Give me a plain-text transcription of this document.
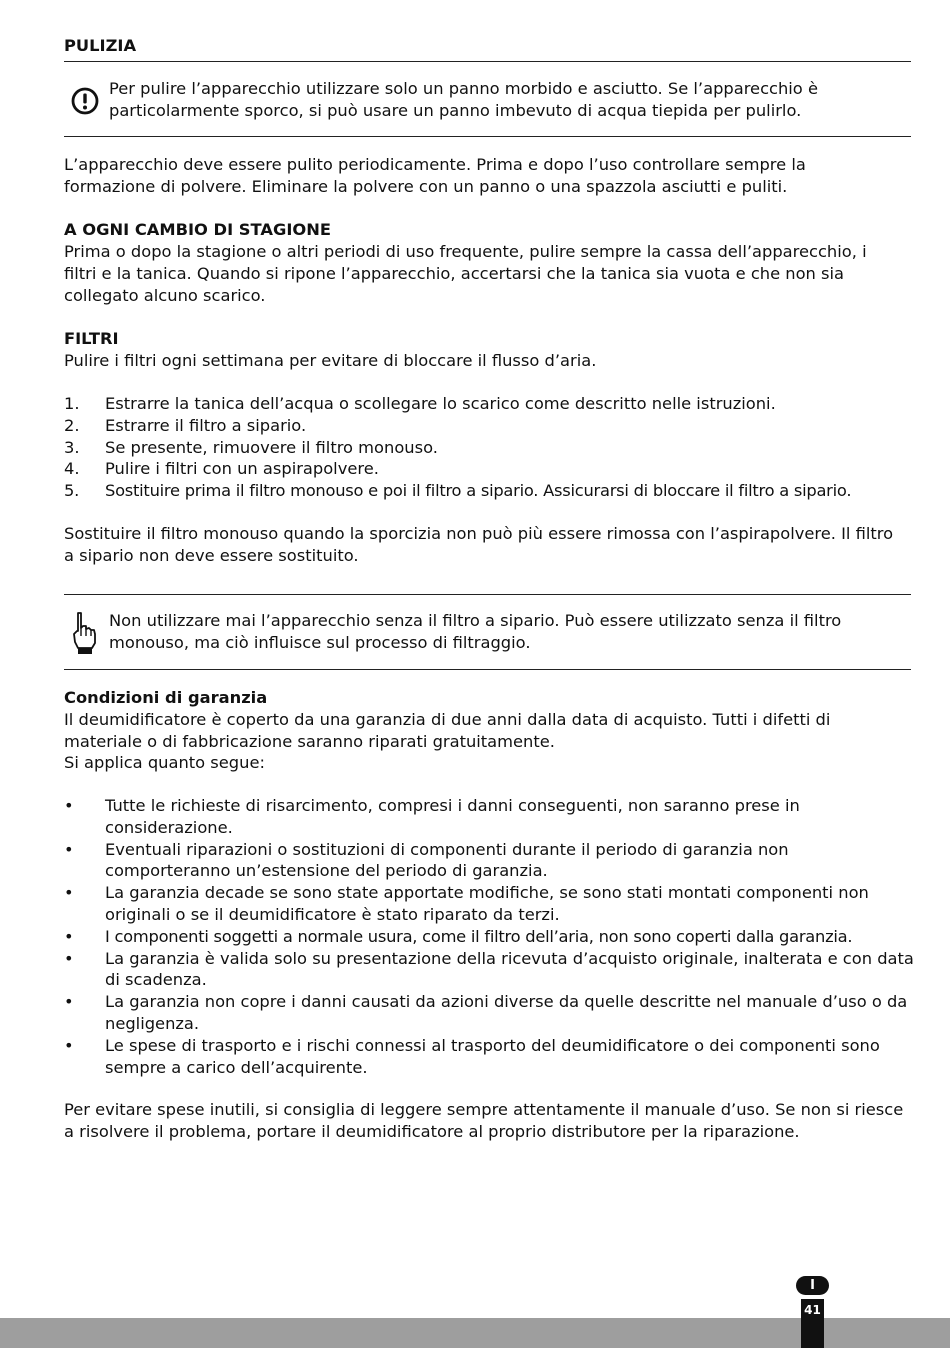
PULIZIA

Per pulire l’apparecchio utilizzare solo un panno morbido e asciutto. Se l’apparecchio è particolarmente sporco, si può usare un panno imbevuto di acqua tiepida per pulirlo.

L’apparecchio deve essere pulito periodicamente. Prima e dopo l’uso controllare sempre la formazione di polvere. Eliminare la polvere con un panno o una spazzola asciutti e puliti.

A OGNI CAMBIO DI STAGIONE

Prima o dopo la stagione o altri periodi di uso frequente, pulire sempre la cassa dell’apparecchio, i filtri e la tanica. Quando si ripone l’apparecchio, accertarsi che la tanica sia vuota e che non sia collegato alcuno scarico.

FILTRI

Pulire i filtri ogni settimana per evitare di bloccare il flusso d’aria.

1. Estrarre la tanica dell’acqua o scollegare lo scarico come descritto nelle istruzioni.
2. Estrarre il filtro a sipario.
3. Se presente, rimuovere il filtro monouso.
4. Pulire i filtri con un aspirapolvere.
5. Sostituire prima il filtro monouso e poi il filtro a sipario. Assicurarsi di bloccare il filtro a sipario.

Sostituire il filtro monouso quando la sporcizia non può più essere rimossa con l’aspirapolvere. Il filtro a sipario non deve essere sostituito.

Non utilizzare mai l’apparecchio senza il filtro a sipario. Può essere utilizzato senza il filtro monouso, ma ciò influisce sul processo di filtraggio.

Condizioni di garanzia

Il deumidificatore è coperto da una garanzia di due anni dalla data di acquisto. Tutti i difetti di materiale o di fabbricazione saranno riparati gratuitamente.

Si applica quanto segue:

• Tutte le richieste di risarcimento, compresi i danni conseguenti, non saranno prese in considerazione.
• Eventuali riparazioni o sostituzioni di componenti durante il periodo di garanzia non comporteranno un’estensione del periodo di garanzia.
• La garanzia decade se sono state apportate modifiche, se sono stati montati componenti non originali o se il deumidificatore è stato riparato da terzi.
• I componenti soggetti a normale usura, come il filtro dell’aria, non sono coperti dalla garanzia.
• La garanzia è valida solo su presentazione della ricevuta d’acquisto originale, inalterata e con data di scadenza.
• La garanzia non copre i danni causati da azioni diverse da quelle descritte nel manuale d’uso o da negligenza.
• Le spese di trasporto e i rischi connessi al trasporto del deumidificatore o dei componenti sono sempre a carico dell’acquirente.

Per evitare spese inutili, si consiglia di leggere sempre attentamente il manuale d’uso. Se non si riesce a risolvere il problema, portare il deumidificatore al proprio distributore per la riparazione.

I
41
